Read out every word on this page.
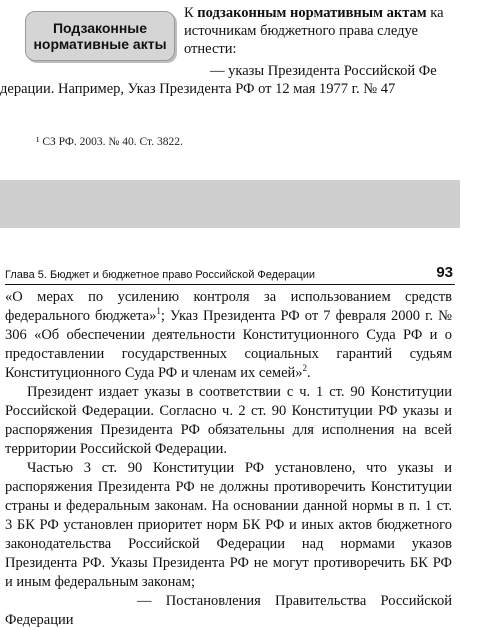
Подзаконные
нормативные акты
К подзаконным нормативным актам ка
источникам бюджетного права следуе
отнести:
— указы Президента Российской Фе
дерации. Например, Указ Президента РФ от 12 мая 1977 г. № 47
¹ СЗ РФ. 2003. № 40. Ст. 3822.
Глава 5. Бюджет и бюджетное право Российской Федерации	93

«О мерах по усилению контроля за использованием средств федерального бюджета»$^1$; Указ Президента РФ от 7 февраля 2000 г. № 306 «Об обеспечении деятельности Конституционного Суда РФ и о предоставлении государственных социальных гарантий судьям Конституционного Суда РФ и членам их семей»$^2$.

Президент издает указы в соответствии с ч. 1 ст. 90 Конституции Российской Федерации. Согласно ч. 2 ст. 90 Конституции РФ указы и распоряжения Президента РФ обязательны для исполнения на всей территории Российской Федерации.

Частью 3 ст. 90 Конституции РФ установлено, что указы и распоряжения Президента РФ не должны противоречить Конституции страны и федеральным законам. На основании данной нормы в п. 1 ст. 3 БК РФ установлен приоритет норм БК РФ и иных актов бюджетного законодательства Российской Федерации над нормами указов Президента РФ. Указы Президента РФ не могут противоречить БК РФ и иным федеральным законам;

— Постановления Правительства Российской Федерации
